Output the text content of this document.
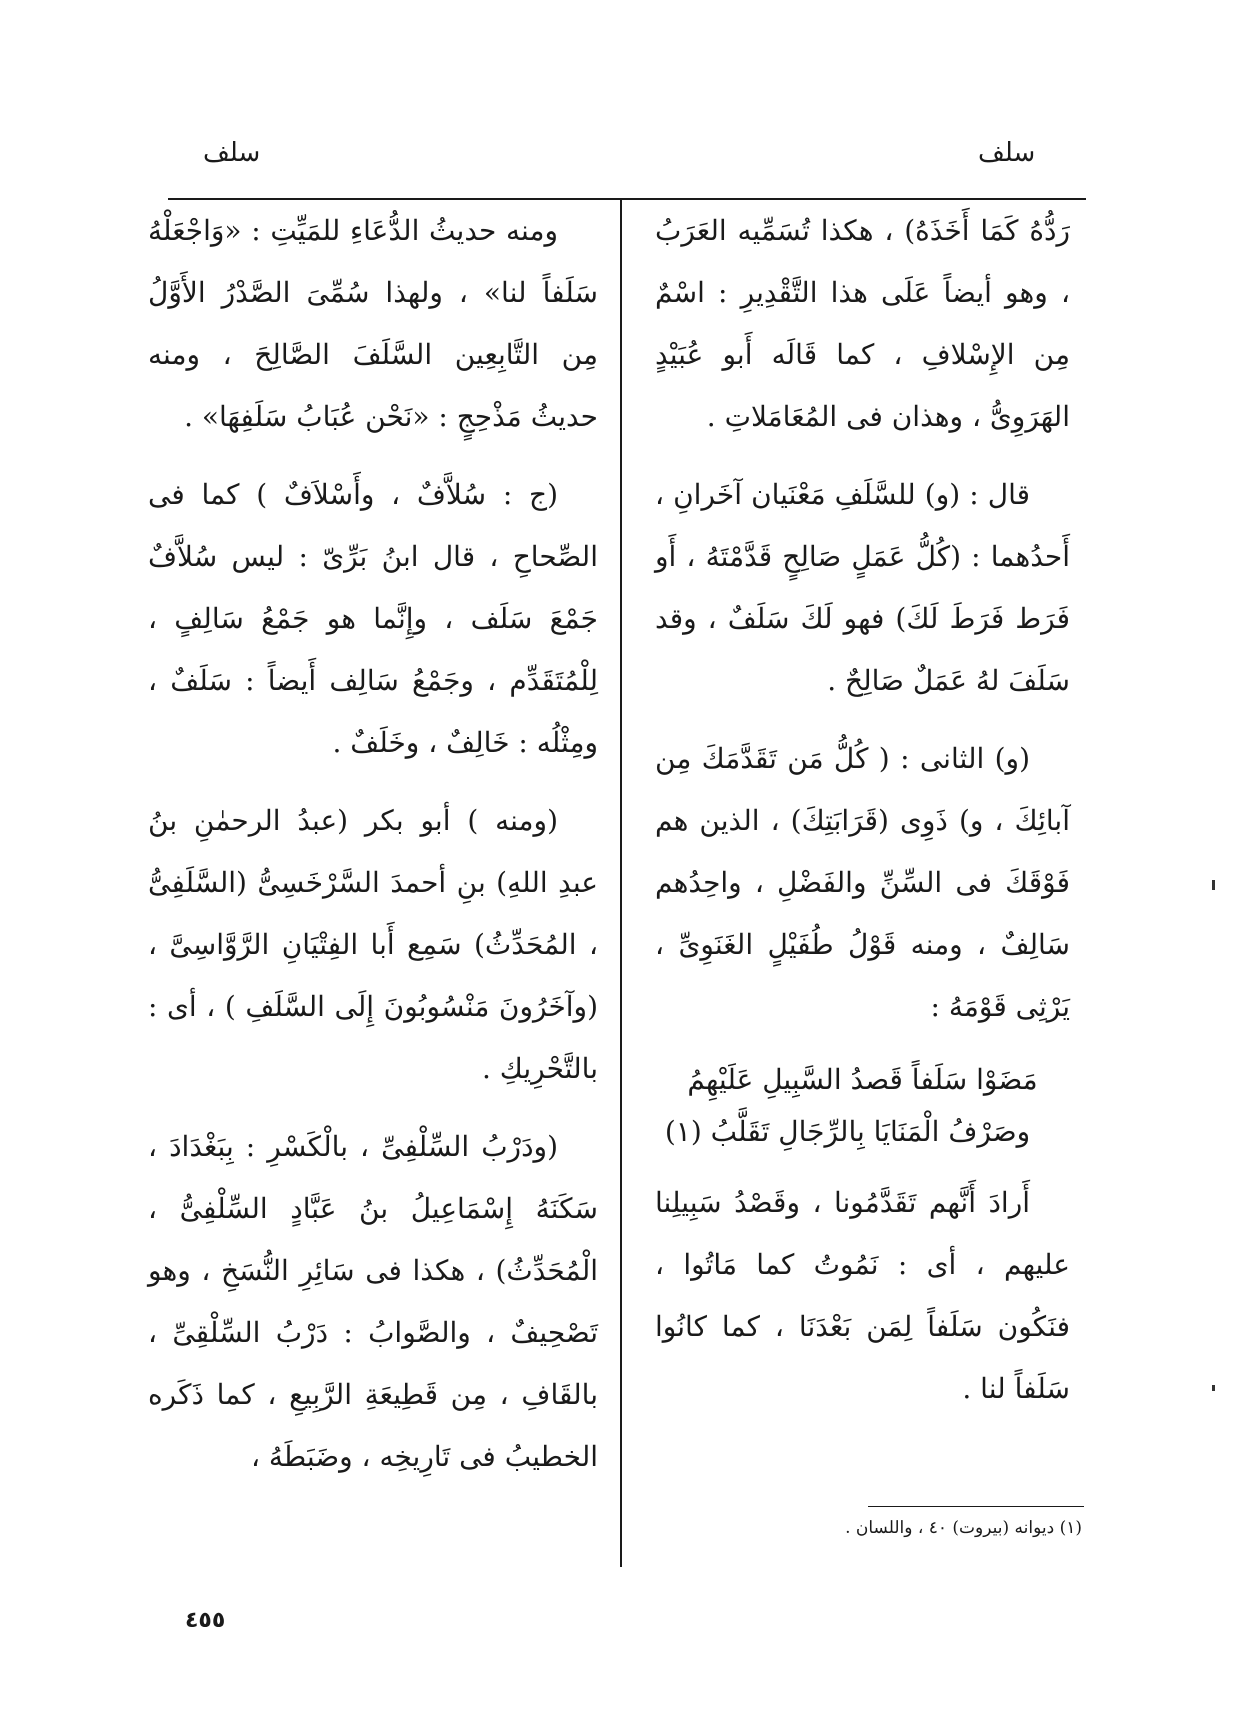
سلف
سلف

رَدُّهُ كَمَا أَخَذَهُ) ، هكذا تُسَمِّيه العَرَبُ ، وهو أيضاً عَلَى هذا التَّقْدِيرِ : اسْمٌ مِن الإِسْلافِ ، كما قَالَه أَبو عُبَيْدٍ الهَرَوِىُّ ، وهذان فى المُعَامَلاتِ .

قال : (و) للسَّلَفِ مَعْنَيان آخَرانِ ، أَحدُهما : (كُلُّ عَمَلٍ صَالِحٍ قَدَّمْتَهُ ، أَو فَرَط فَرَطَ لَكَ) فهو لَكَ سَلَفٌ ، وقد سَلَفَ لهُ عَمَلٌ صَالِحٌ .

(و) الثانى : ( كُلُّ مَن تَقَدَّمَكَ مِن آبائِكَ ، و) ذَوِى (قَرَابَتِكَ) ، الذين هم فَوْقَكَ فى السِّنِّ والفَضْلِ ، واحِدُهم سَالِفٌ ، ومنه قَوْلُ طُفَيْلٍ الغَنَوِىِّ ، يَرْثِى قَوْمَهُ :

مَضَوْا سَلَفاً قَصدُ السَّبِيلِ عَلَيْهِمُ
وصَرْفُ الْمَنَايَا بِالرِّجَالِ تَقَلَّبُ (١)

أَرادَ أَنَّهم تَقَدَّمُونا ، وقَصْدُ سَبِيلِنا عليهم ، أى : نَمُوتُ كما مَاتُوا ، فنَكُون سَلَفاً لِمَن بَعْدَنَا ، كما كانُوا سَلَفاً لنا .

ومنه حديثُ الدُّعَاءِ للمَيِّتِ : «وَاجْعَلْهُ سَلَفاً لنا» ، ولهذا سُمِّىَ الصَّدْرُ الأَوَّلُ مِن التَّابِعِين السَّلَفَ الصَّالِحَ ، ومنه حديثُ مَذْحِجٍ : «نَحْن عُبَابُ سَلَفِهَا» .

(ج : سُلاَّفٌ ، وأَسْلاَفٌ ) كما فى الصِّحاحِ ، قال ابنُ بَرِّىّ : ليس سُلاَّفٌ جَمْعَ سَلَف ، وإِنَّما هو جَمْعُ سَالِفٍ ، لِلْمُتَقَدِّم ، وجَمْعُ سَالِف أَيضاً : سَلَفٌ ، ومِثْلُه : خَالِفٌ ، وخَلَفٌ .

(ومنه ) أبو بكر (عبدُ الرحمٰنِ بنُ عبدِ اللهِ) بنِ أحمدَ السَّرْخَسِىُّ (السَّلَفِىُّ ، المُحَدِّثُ) سَمِع أَبا الفِتْيَانِ الرَّوَّاسِىَّ ، (وآخَرُونَ مَنْسُوبُونَ إِلَى السَّلَفِ ) ، أى : بالتَّحْرِيكِ .

(ودَرْبُ السِّلْفِىِّ ، بالْكَسْرِ : بِبَغْدَادَ ، سَكَنَهُ إِسْمَاعِيلُ بنُ عَبَّادٍ السِّلْفِىُّ ، الْمُحَدِّثُ) ، هكذا فى سَائِرِ النُّسَخِ ، وهو تَصْحِيفٌ ، والصَّوابُ : دَرْبُ السِّلْقِىِّ ، بالقَافِ ، مِن قَطِيعَةِ الرَّبِيعِ ، كما ذَكَره الخطيبُ فى تَارِيخِه ، وضَبَطَهُ ،

(١) ديوانه (بيروت) ٤٠ ، واللسان .
٤٥٥
